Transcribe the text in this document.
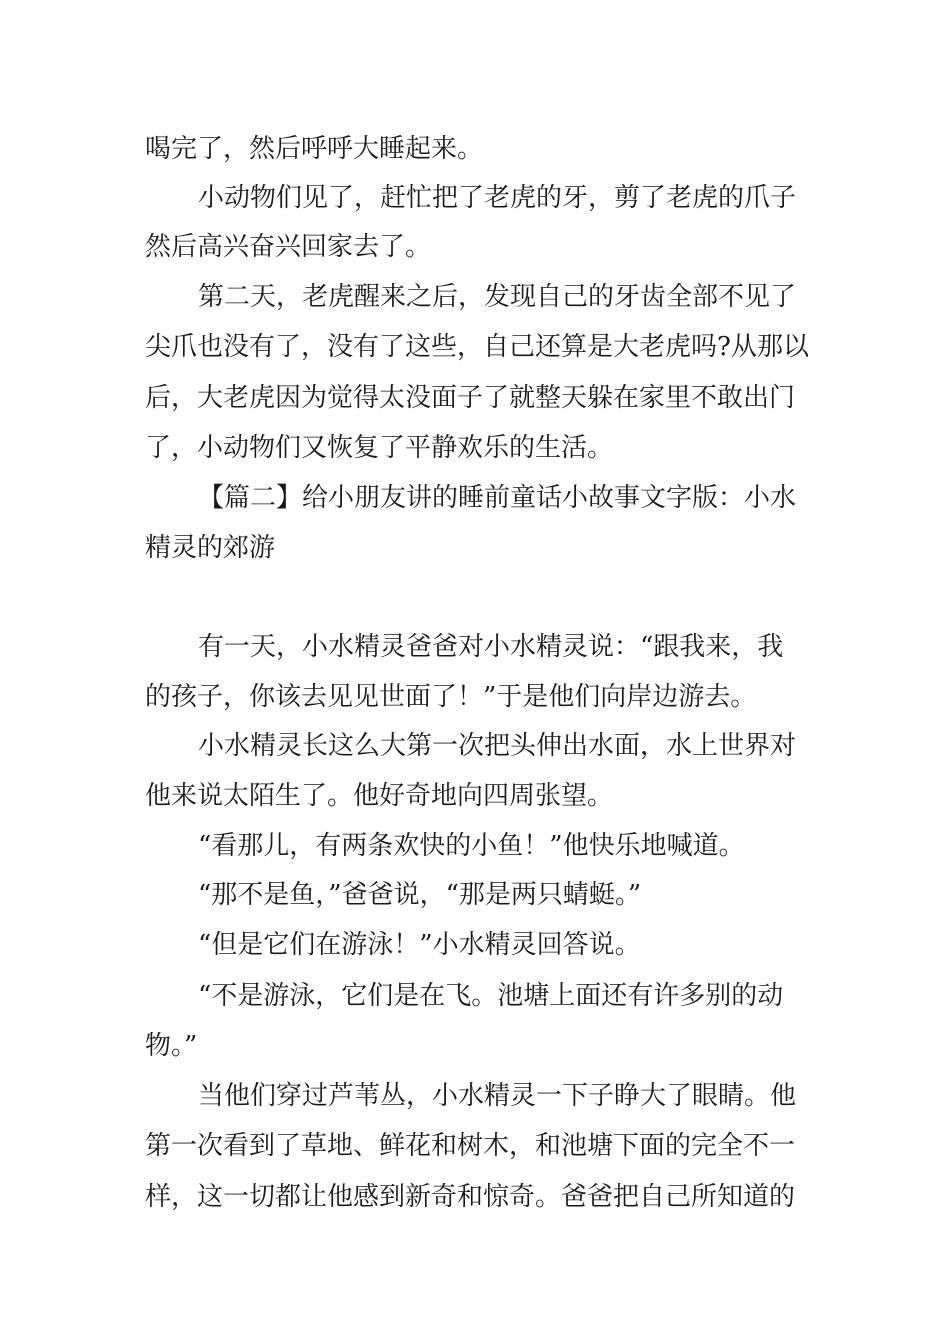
喝完了，然后呼呼大睡起来。

小动物们见了，赶忙把了老虎的牙，剪了老虎的爪子

然后高兴奋兴回家去了。

第二天，老虎醒来之后，发现自己的牙齿全部不见了

尖爪也没有了，没有了这些，自己还算是大老虎吗?从那以

后，大老虎因为觉得太没面子了就整天躲在家里不敢出门

了，小动物们又恢复了平静欢乐的生活。

【篇二】给小朋友讲的睡前童话小故事文字版：小水

精灵的郊游

有一天，小水精灵爸爸对小水精灵说：“跟我来，我

的孩子，你该去见见世面了！”于是他们向岸边游去。

小水精灵长这么大第一次把头伸出水面，水上世界对

他来说太陌生了。他好奇地向四周张望。

“看那儿，有两条欢快的小鱼！”他快乐地喊道。

“那不是鱼，”爸爸说，“那是两只蜻蜓。”

“但是它们在游泳！”小水精灵回答说。

“不是游泳，它们是在飞。池塘上面还有许多别的动

物。”

当他们穿过芦苇丛，小水精灵一下子睁大了眼睛。他

第一次看到了草地、鲜花和树木，和池塘下面的完全不一

样，这一切都让他感到新奇和惊奇。爸爸把自己所知道的
